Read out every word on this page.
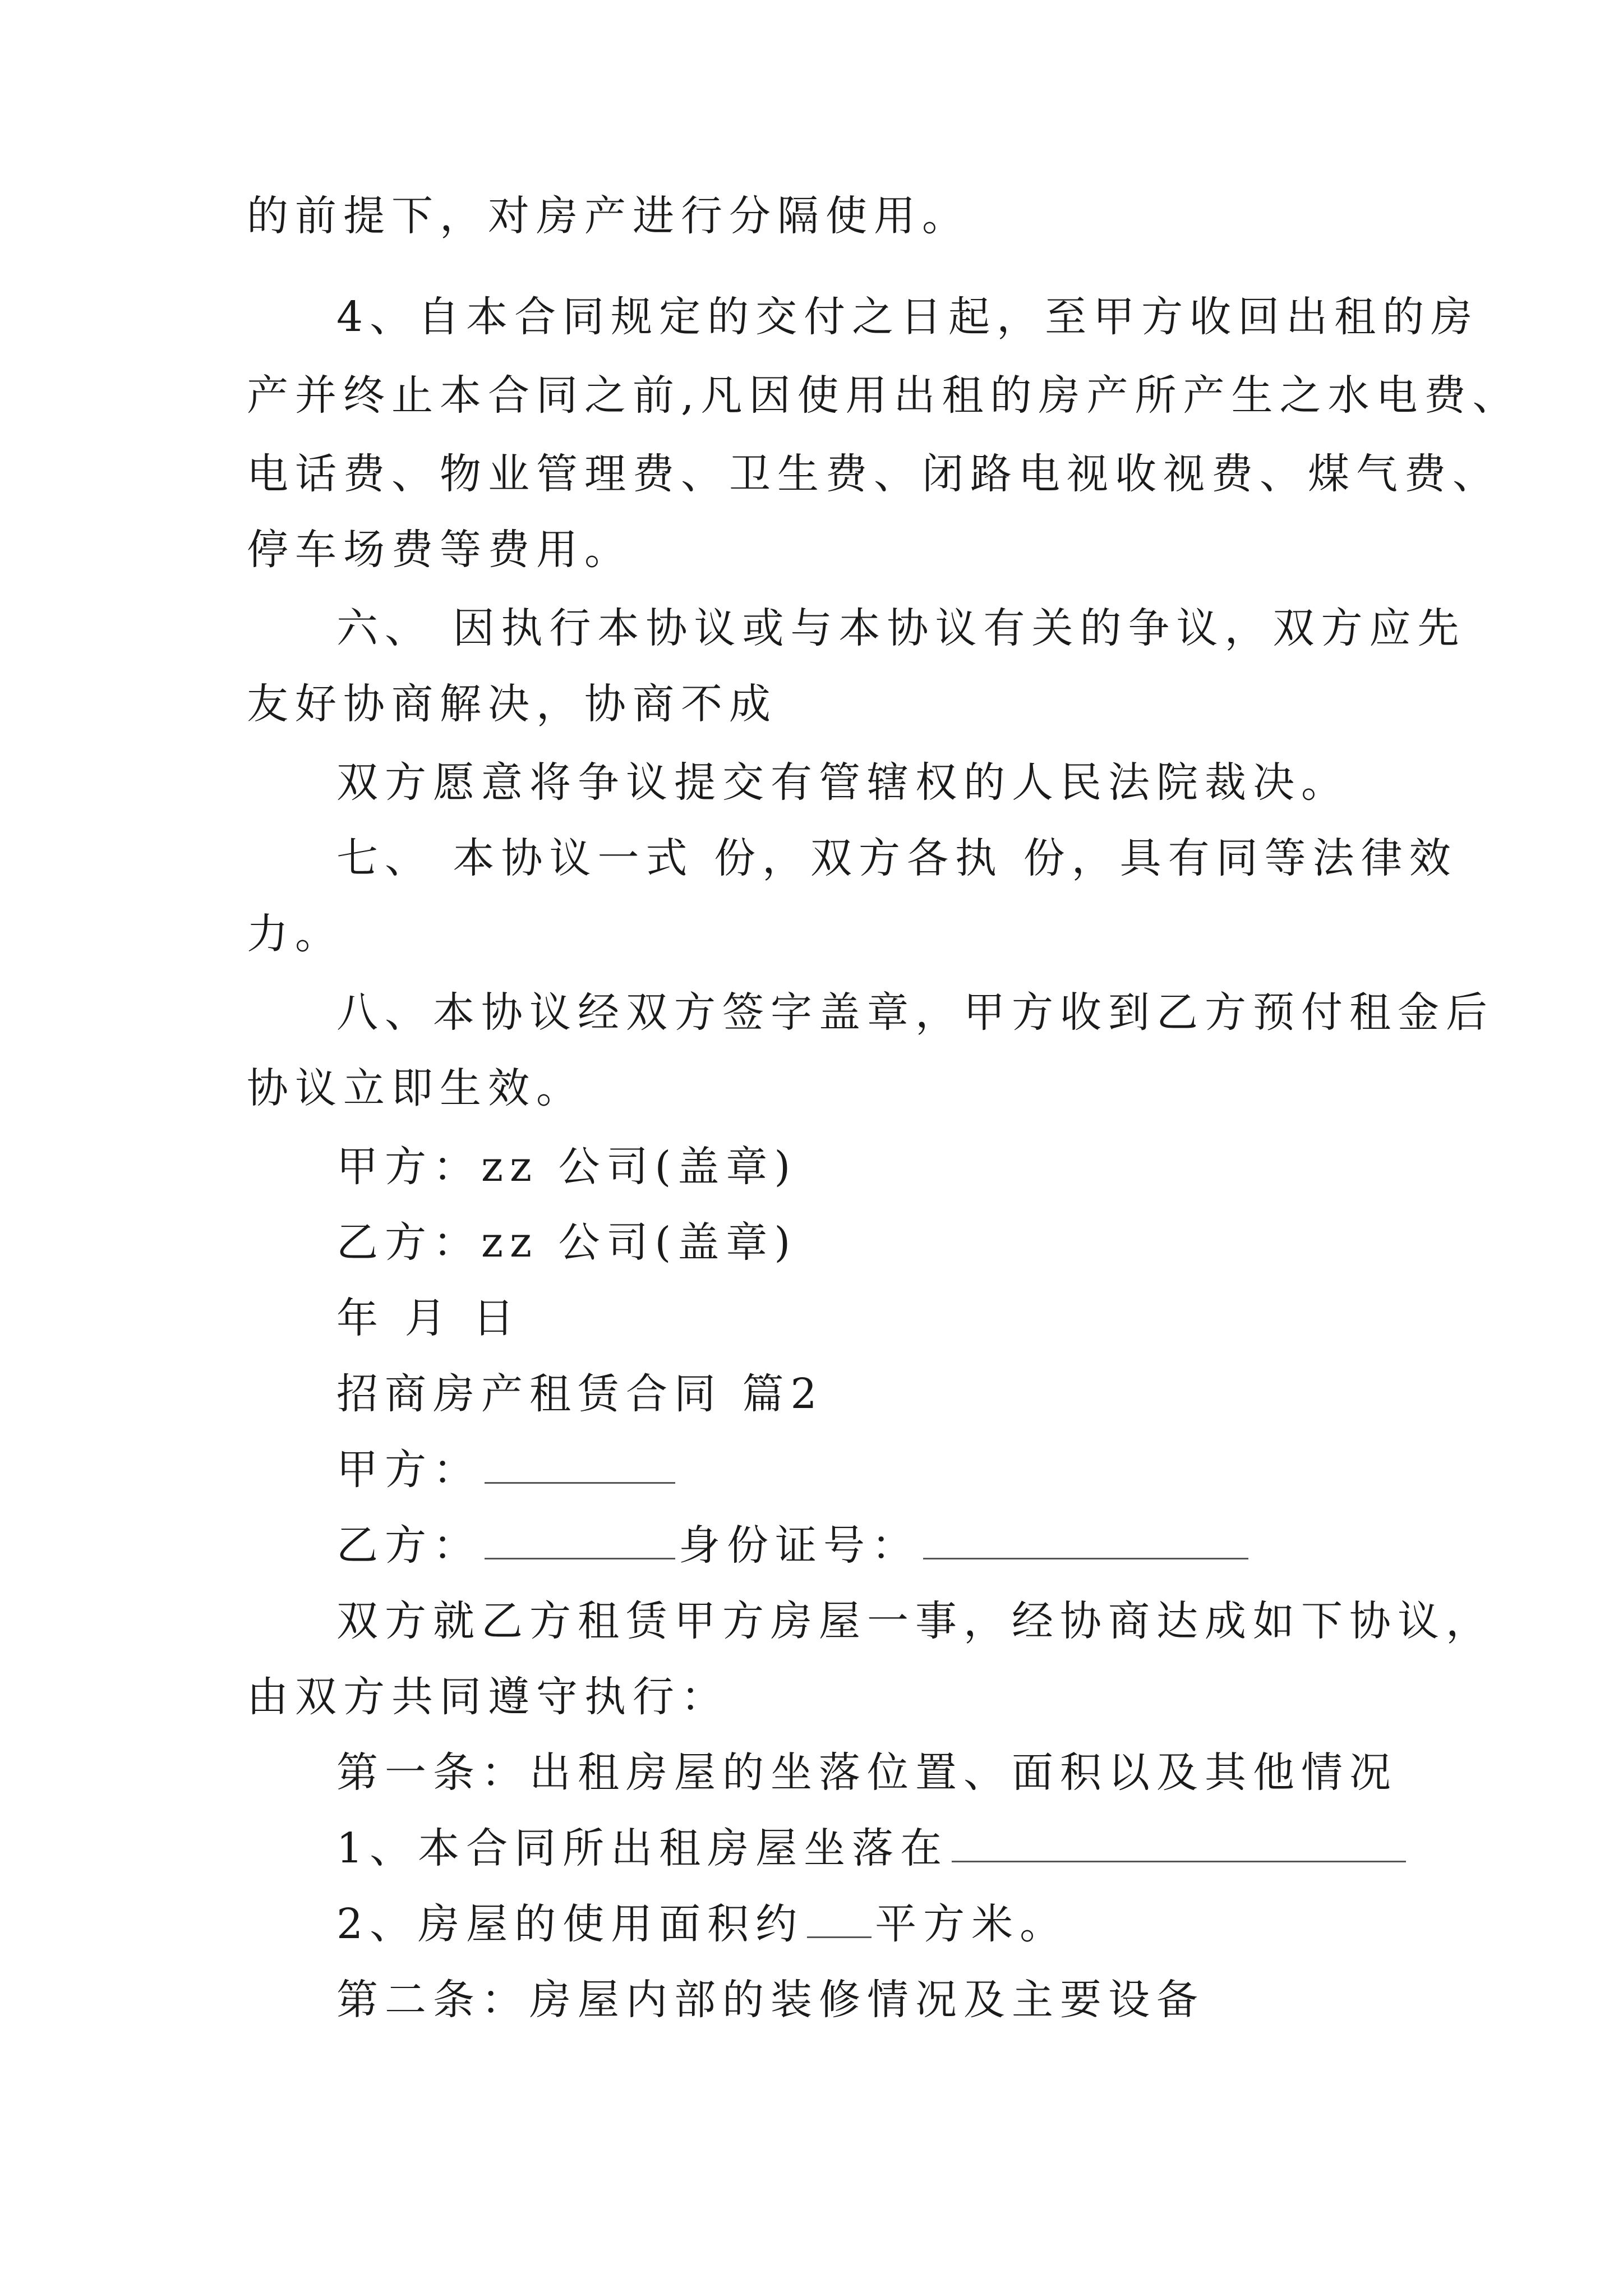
的前提下，对房产进行分隔使用。
4、自本合同规定的交付之日起，至甲方收回出租的房
产并终止本合同之前,凡因使用出租的房产所产生之水电费、
电话费、物业管理费、卫生费、闭路电视收视费、煤气费、
停车场费等费用。
六、 因执行本协议或与本协议有关的争议，双方应先
友好协商解决，协商不成
双方愿意将争议提交有管辖权的人民法院裁决。
七、 本协议一式 份，双方各执 份，具有同等法律效
力。
八、本协议经双方签字盖章，甲方收到乙方预付租金后
协议立即生效。
甲方：zz 公司(盖章)
乙方：zz 公司(盖章)
年 月 日
招商房产租赁合同 篇2
甲方：
乙方：	身份证号：
双方就乙方租赁甲方房屋一事，经协商达成如下协议，
由双方共同遵守执行：
第一条：出租房屋的坐落位置、面积以及其他情况
1、本合同所出租房屋坐落在
2、房屋的使用面积约 平方米。
第二条：房屋内部的装修情况及主要设备
